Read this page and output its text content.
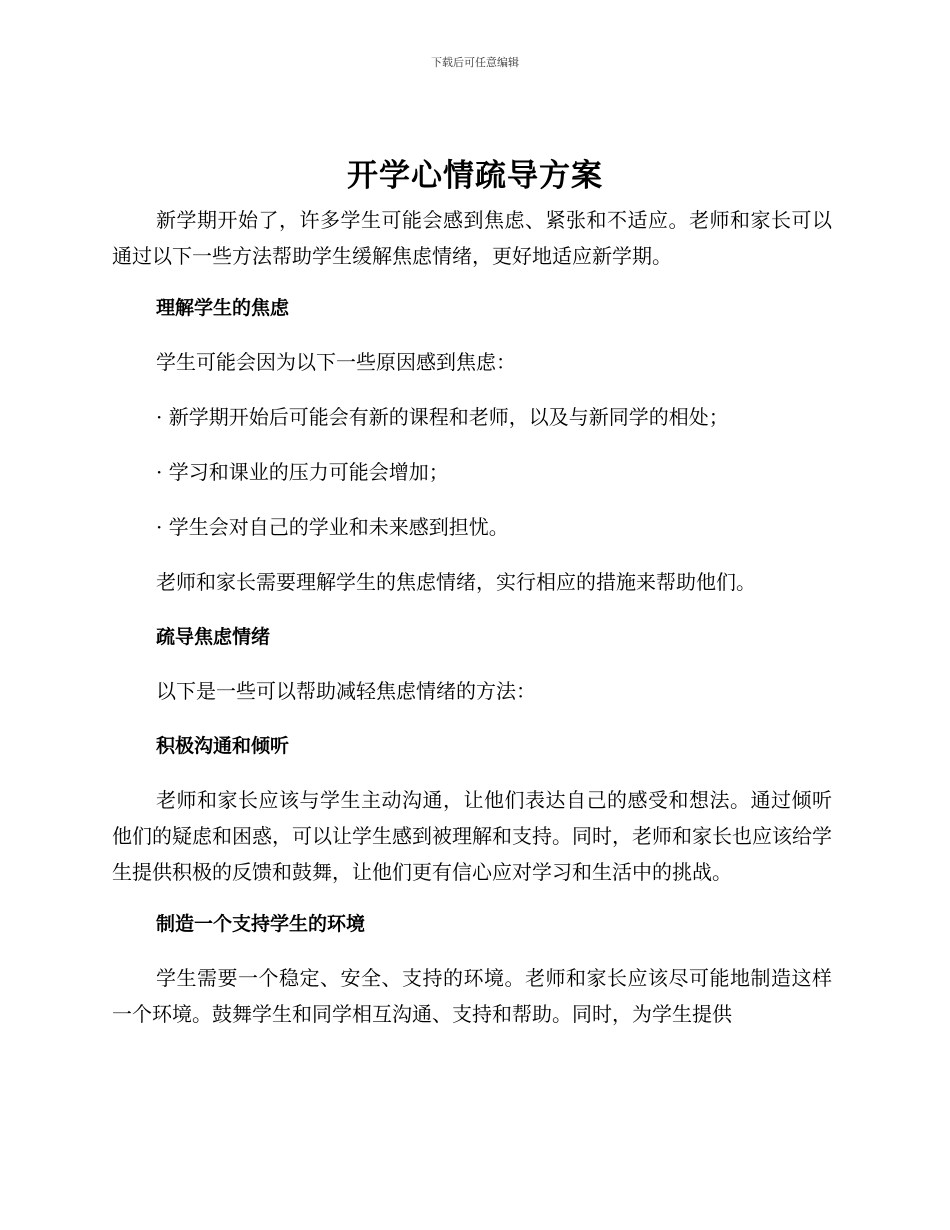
下载后可任意编辑
开学心情疏导方案

新学期开始了，许多学生可能会感到焦虑、紧张和不适应。老师和家长可以通过以下一些方法帮助学生缓解焦虑情绪，更好地适应新学期。

理解学生的焦虑
学生可能会因为以下一些原因感到焦虑：
· 新学期开始后可能会有新的课程和老师，以及与新同学的相处；
· 学习和课业的压力可能会增加；
· 学生会对自己的学业和未来感到担忧。
老师和家长需要理解学生的焦虑情绪，实行相应的措施来帮助他们。
疏导焦虑情绪
以下是一些可以帮助减轻焦虑情绪的方法：
积极沟通和倾听

老师和家长应该与学生主动沟通，让他们表达自己的感受和想法。通过倾听他们的疑虑和困惑，可以让学生感到被理解和支持。同时，老师和家长也应该给学生提供积极的反馈和鼓舞，让他们更有信心应对学习和生活中的挑战。

制造一个支持学生的环境

学生需要一个稳定、安全、支持的环境。老师和家长应该尽可能地制造这样一个环境。鼓舞学生和同学相互沟通、支持和帮助。同时，为学生提供
